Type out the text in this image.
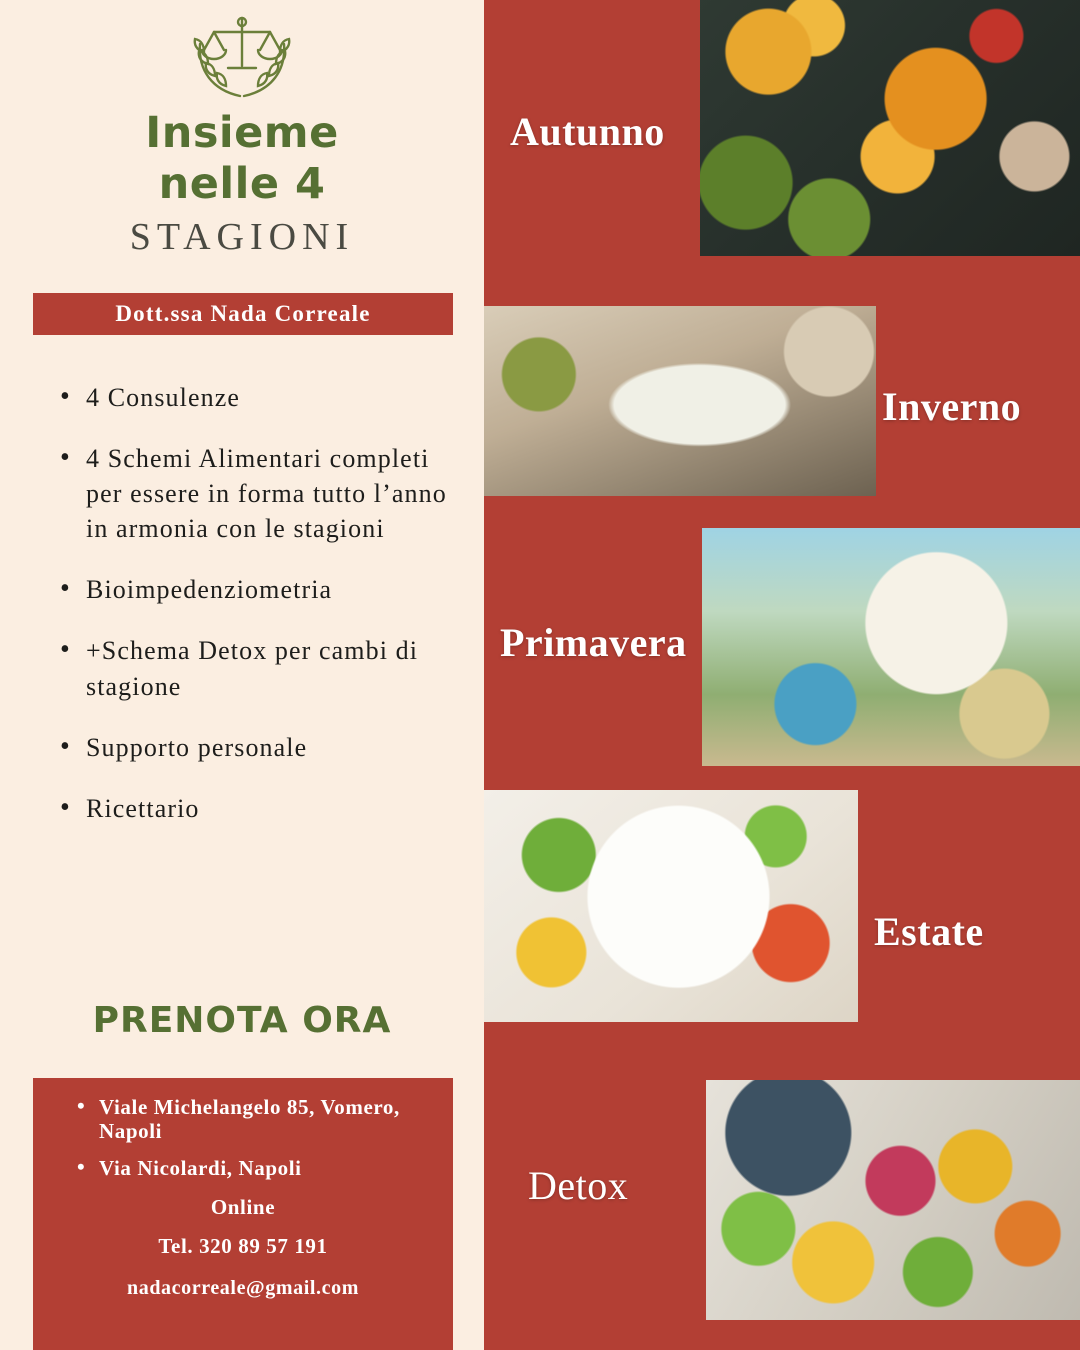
Insieme
nelle 4
STAGIONI
Dott.ssa Nada Correale
• 4 Consulenze
• 4 Schemi Alimentari completi per essere in forma tutto l’anno in armonia con le stagioni
• Bioimpedenziometria
• +Schema Detox per cambi di stagione
• Supporto personale
• Ricettario
PRENOTA ORA
• Viale Michelangelo 85, Vomero, Napoli
• Via Nicolardi, Napoli
Online
Tel. 320 89 57 191
nadacorreale@gmail.com
Autunno
Inverno
Primavera
Estate
Detox
